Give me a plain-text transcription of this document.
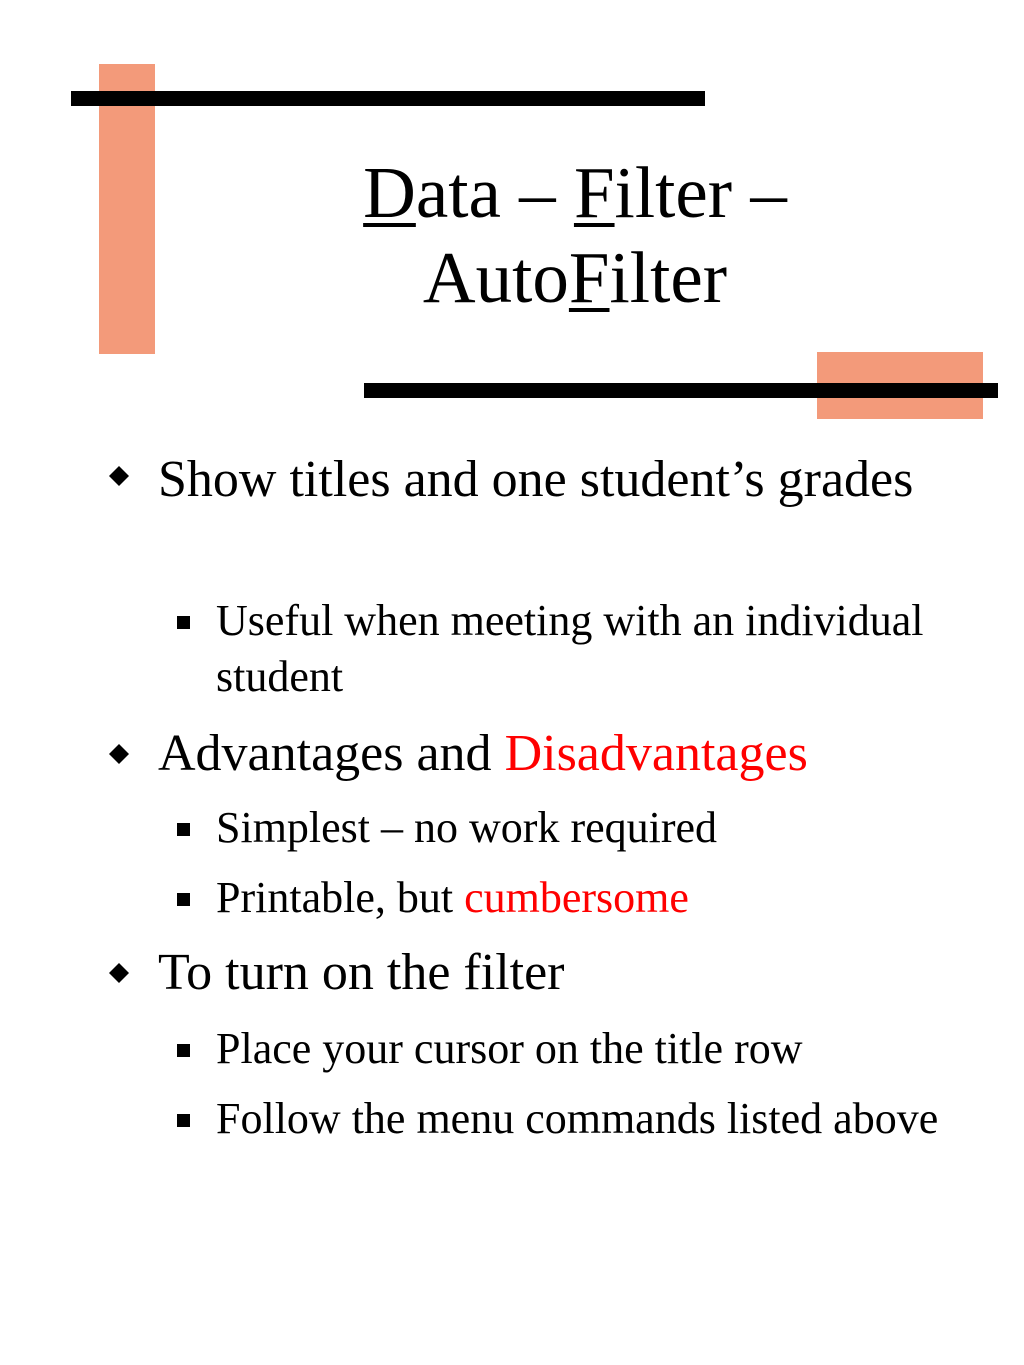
Data – Filter –
AutoFilter

Show titles and one student’s grades

Useful when meeting with an individual student

Advantages and Disadvantages

Simplest – no work required

Printable, but cumbersome

To turn on the filter

Place your cursor on the title row

Follow the menu commands listed above
